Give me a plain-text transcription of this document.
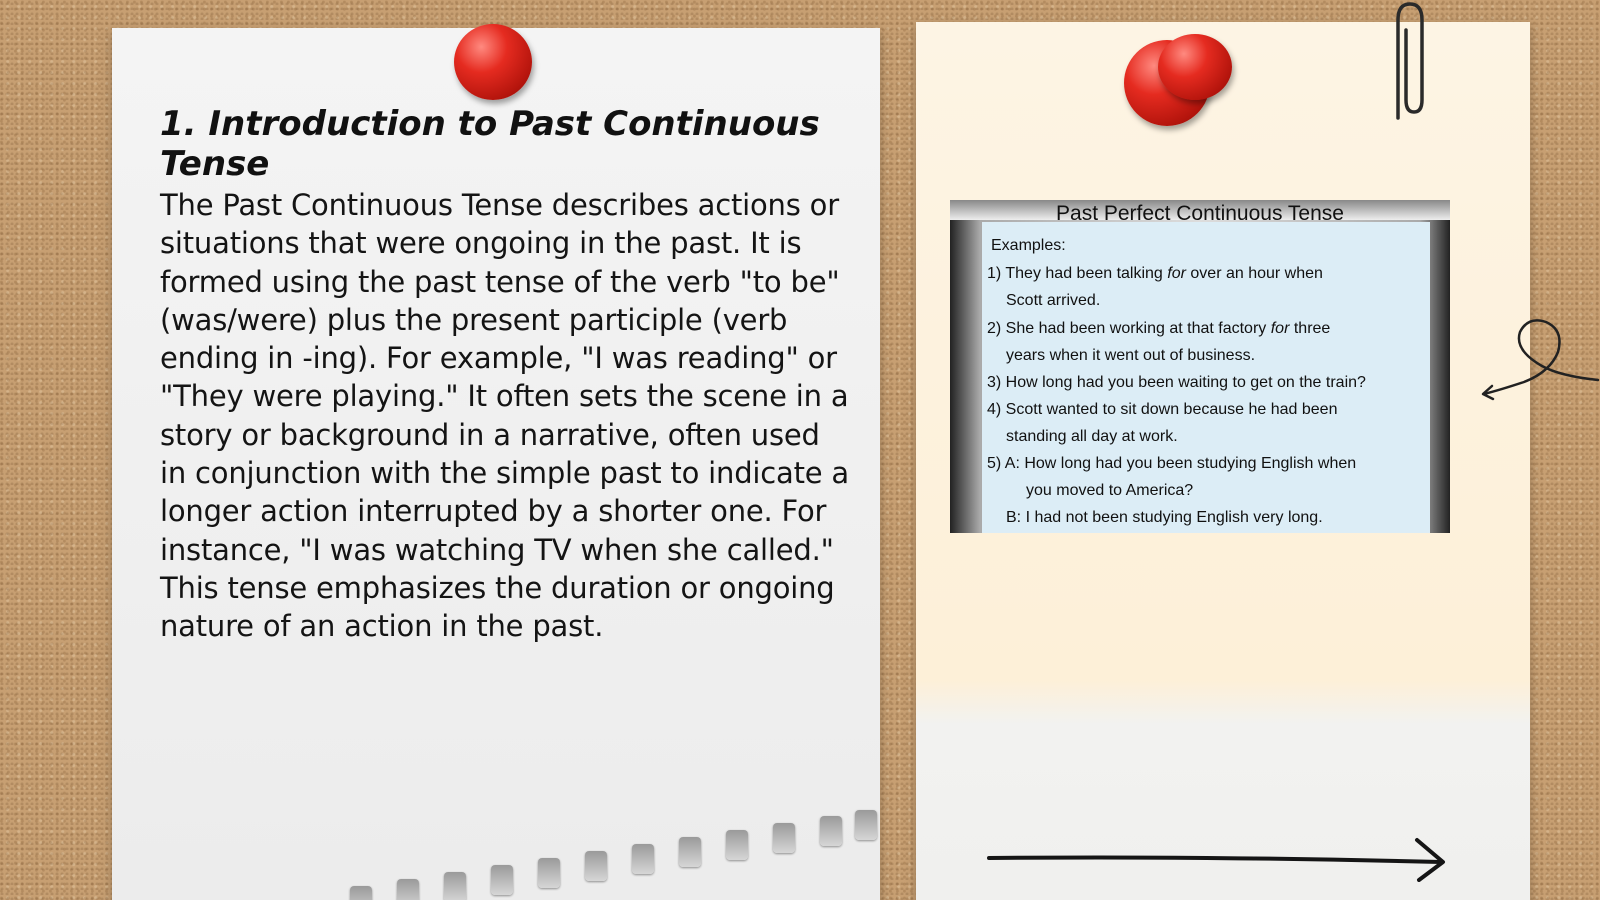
1. Introduction to Past Continuous Tense

The Past Continuous Tense describes actions or situations that were ongoing in the past. It is formed using the past tense of the verb "to be" (was/were) plus the present participle (verb ending in -ing). For example, "I was reading" or "They were playing." It often sets the scene in a story or background in a narrative, often used in conjunction with the simple past to indicate a longer action interrupted by a shorter one. For instance, "I was watching TV when she called." This tense emphasizes the duration or ongoing nature of an action in the past.

Past Perfect Continuous Tense
Examples:
1) They had been talking for over an hour when
Scott arrived.
2) She had been working at that factory for three
years when it went out of business.
3) How long had you been waiting to get on the train?
4) Scott wanted to sit down because he had been
standing all day at work.
5) A: How long had you been studying English when
you moved to America?
B: I had not been studying English very long.
